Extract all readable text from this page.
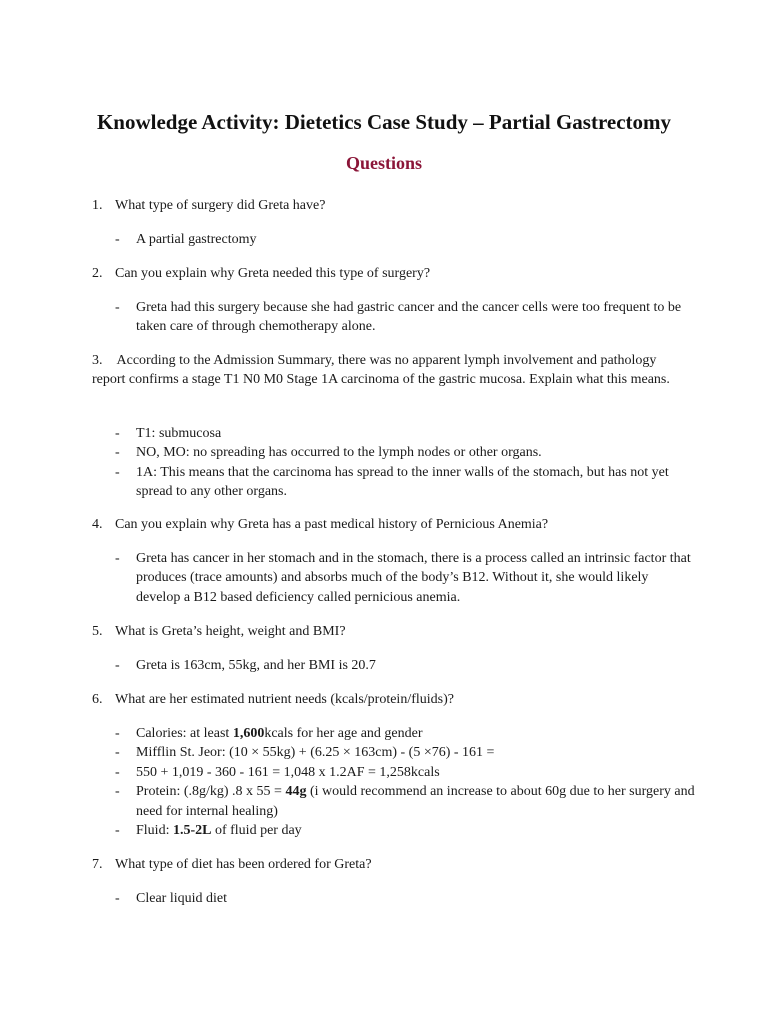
Knowledge Activity: Dietetics Case Study – Partial Gastrectomy
Questions
1. What type of surgery did Greta have?
- A partial gastrectomy
2. Can you explain why Greta needed this type of surgery?
- Greta had this surgery because she had gastric cancer and the cancer cells were too frequent to be taken care of through chemotherapy alone.
3. According to the Admission Summary, there was no apparent lymph involvement and pathology report confirms a stage T1 N0 M0 Stage 1A carcinoma of the gastric mucosa. Explain what this means.
- T1: submucosa
- NO, MO: no spreading has occurred to the lymph nodes or other organs.
- 1A: This means that the carcinoma has spread to the inner walls of the stomach, but has not yet spread to any other organs.
4. Can you explain why Greta has a past medical history of Pernicious Anemia?
- Greta has cancer in her stomach and in the stomach, there is a process called an intrinsic factor that produces (trace amounts) and absorbs much of the body’s B12. Without it, she would likely develop a B12 based deficiency called pernicious anemia.
5. What is Greta’s height, weight and BMI?
- Greta is 163cm, 55kg, and her BMI is 20.7
6. What are her estimated nutrient needs (kcals/protein/fluids)?
- Calories: at least 1,600kcals for her age and gender
- Mifflin St. Jeor: (10 × 55kg) + (6.25 × 163cm) - (5 ×76) - 161 =
- 550 + 1,019 - 360 - 161 = 1,048 x 1.2AF = 1,258kcals
- Protein: (.8g/kg) .8 x 55 = 44g (i would recommend an increase to about 60g due to her surgery and need for internal healing)
- Fluid: 1.5-2L of fluid per day
7. What type of diet has been ordered for Greta?
- Clear liquid diet
